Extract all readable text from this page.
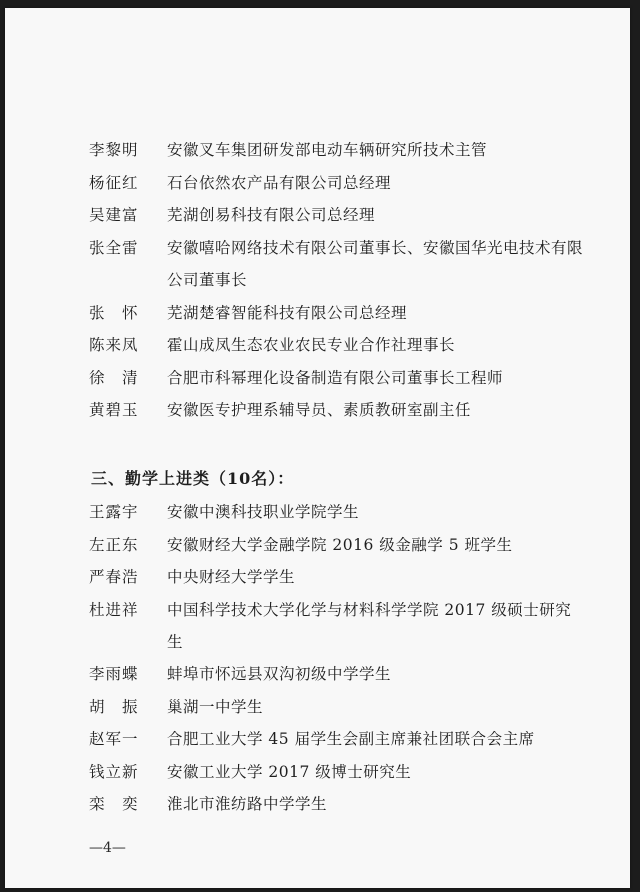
李黎明 安徽叉车集团研发部电动车辆研究所技术主管
杨征红 石台依然农产品有限公司总经理
吴建富 芜湖创易科技有限公司总经理
张全雷 安徽嘻哈网络技术有限公司董事长、安徽国华光电技术有限公司董事长
张　怀 芜湖楚睿智能科技有限公司总经理
陈来凤 霍山成凤生态农业农民专业合作社理事长
徐　清 合肥市科幂理化设备制造有限公司董事长工程师
黄碧玉 安徽医专护理系辅导员、素质教研室副主任
三、勤学上进类（10名）：
王露宇 安徽中澳科技职业学院学生
左正东 安徽财经大学金融学院 2016 级金融学 5 班学生
严春浩 中央财经大学学生
杜进祥 中国科学技术大学化学与材料科学学院 2017 级硕士研究生
李雨蝶 蚌埠市怀远县双沟初级中学学生
胡　振 巢湖一中学生
赵军一 合肥工业大学 45 届学生会副主席兼社团联合会主席
钱立新 安徽工业大学 2017 级博士研究生
栾　奕 淮北市淮纺路中学学生
—4—
